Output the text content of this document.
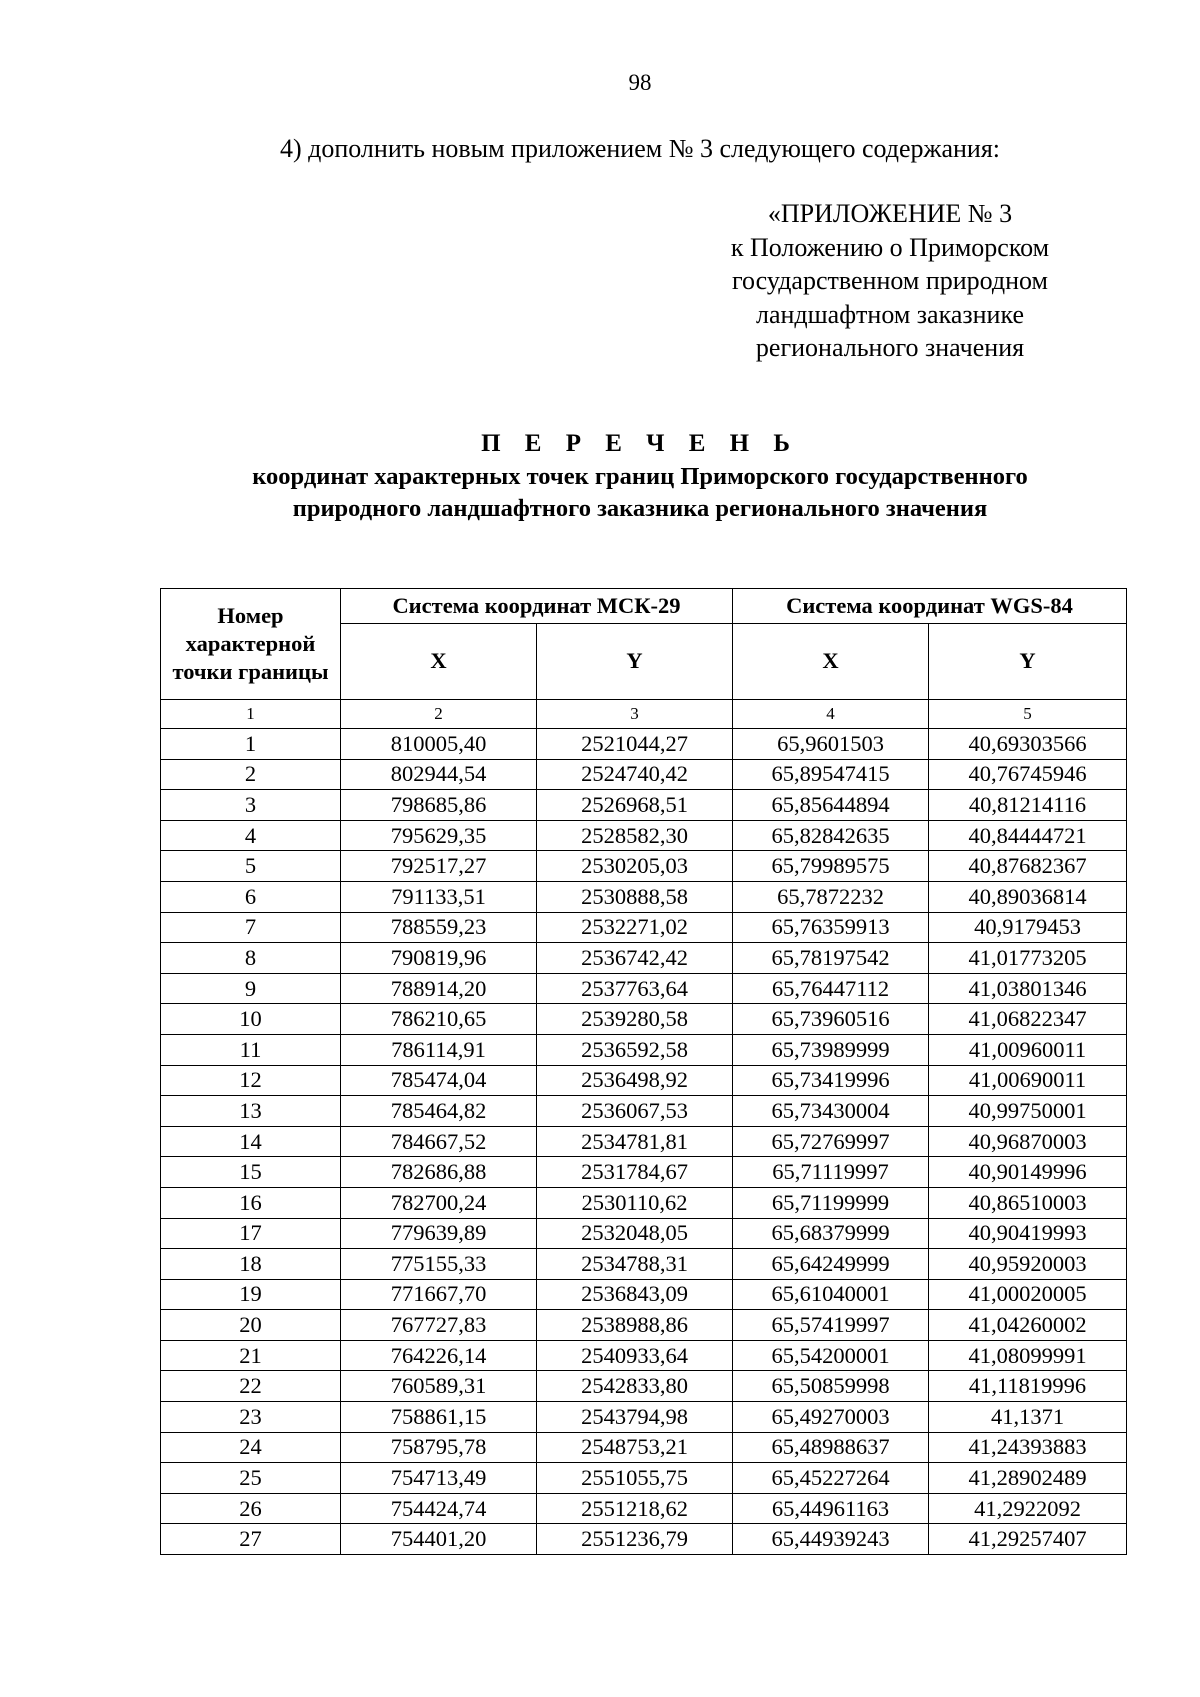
98
4) дополнить новым приложением № 3 следующего содержания:
«ПРИЛОЖЕНИЕ № 3
к Положению о Приморском
государственном природном
ландшафтном заказнике
регионального значения
П Е Р Е Ч Е Н Ь
координат характерных точек границ Приморского государственного
природного ландшафтного заказника регионального значения
Номер характерной точки границы	Система координат МСК-29		Система координат WGS-84	
	X	Y	X	Y
1	2	3	4	5
1	810005,40	2521044,27	65,9601503	40,69303566
2	802944,54	2524740,42	65,89547415	40,76745946
3	798685,86	2526968,51	65,85644894	40,81214116
4	795629,35	2528582,30	65,82842635	40,84444721
5	792517,27	2530205,03	65,79989575	40,87682367
6	791133,51	2530888,58	65,7872232	40,89036814
7	788559,23	2532271,02	65,76359913	40,9179453
8	790819,96	2536742,42	65,78197542	41,01773205
9	788914,20	2537763,64	65,76447112	41,03801346
10	786210,65	2539280,58	65,73960516	41,06822347
11	786114,91	2536592,58	65,73989999	41,00960011
12	785474,04	2536498,92	65,73419996	41,00690011
13	785464,82	2536067,53	65,73430004	40,99750001
14	784667,52	2534781,81	65,72769997	40,96870003
15	782686,88	2531784,67	65,71119997	40,90149996
16	782700,24	2530110,62	65,71199999	40,86510003
17	779639,89	2532048,05	65,68379999	40,90419993
18	775155,33	2534788,31	65,64249999	40,95920003
19	771667,70	2536843,09	65,61040001	41,00020005
20	767727,83	2538988,86	65,57419997	41,04260002
21	764226,14	2540933,64	65,54200001	41,08099991
22	760589,31	2542833,80	65,50859998	41,11819996
23	758861,15	2543794,98	65,49270003	41,1371
24	758795,78	2548753,21	65,48988637	41,24393883
25	754713,49	2551055,75	65,45227264	41,28902489
26	754424,74	2551218,62	65,44961163	41,2922092
27	754401,20	2551236,79	65,44939243	41,29257407
